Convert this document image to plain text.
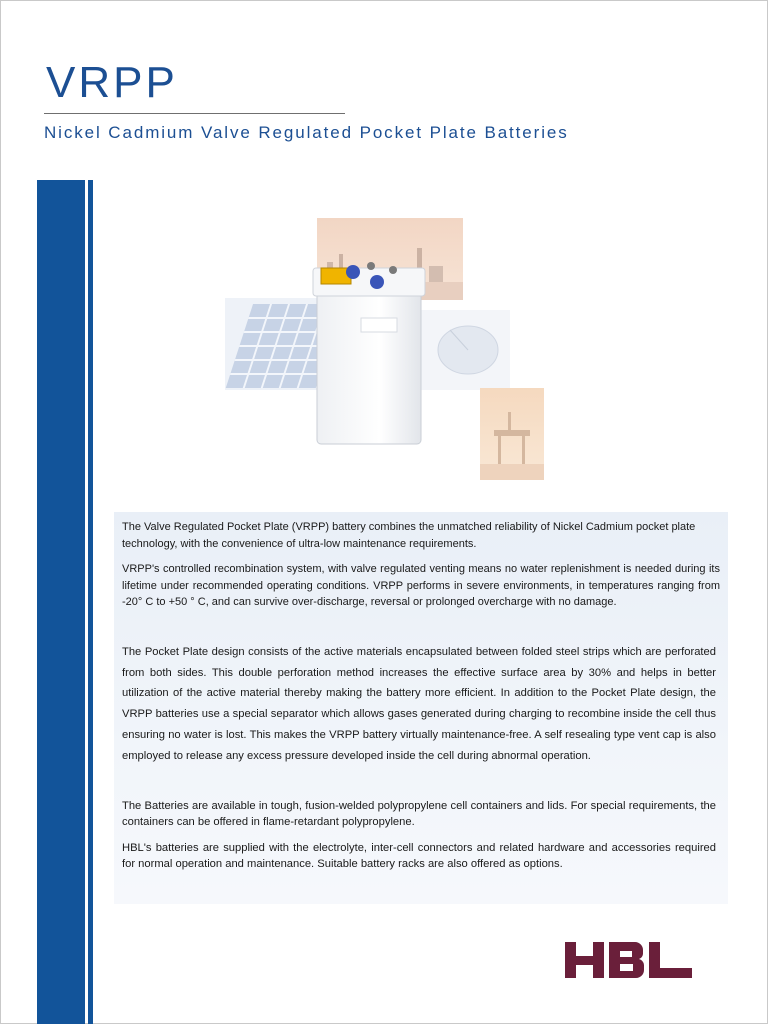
VRPP
Nickel Cadmium Valve Regulated Pocket Plate Batteries

The Valve Regulated Pocket Plate (VRPP) battery combines the unmatched reliability of Nickel Cadmium pocket plate technology, with the convenience of ultra-low maintenance requirements.

VRPP's controlled recombination system, with valve regulated venting means no water replenishment is needed during its lifetime under recommended operating conditions. VRPP performs in severe environments, in temperatures ranging from -20° C to +50 ° C, and can survive over-discharge, reversal or prolonged overcharge with no damage.

The Pocket Plate design consists of the active materials encapsulated between folded steel strips which are perforated from both sides. This double perforation method increases the effective surface area by 30% and helps in better utilization of the active material thereby making the battery more efficient. In addition to the Pocket Plate design, the VRPP batteries use a special separator which allows gases generated during charging to recombine inside the cell thus ensuring no water is lost. This makes the VRPP battery virtually maintenance-free. A self resealing type vent cap is also employed to release any excess pressure developed inside the cell during abnormal operation.

The Batteries are available in tough, fusion-welded polypropylene cell containers and lids. For special requirements, the containers can be offered in flame-retardant polypropylene.

HBL's batteries are supplied with the electrolyte, inter-cell connectors and related hardware and accessories required for normal operation and maintenance. Suitable battery racks are also offered as options.
